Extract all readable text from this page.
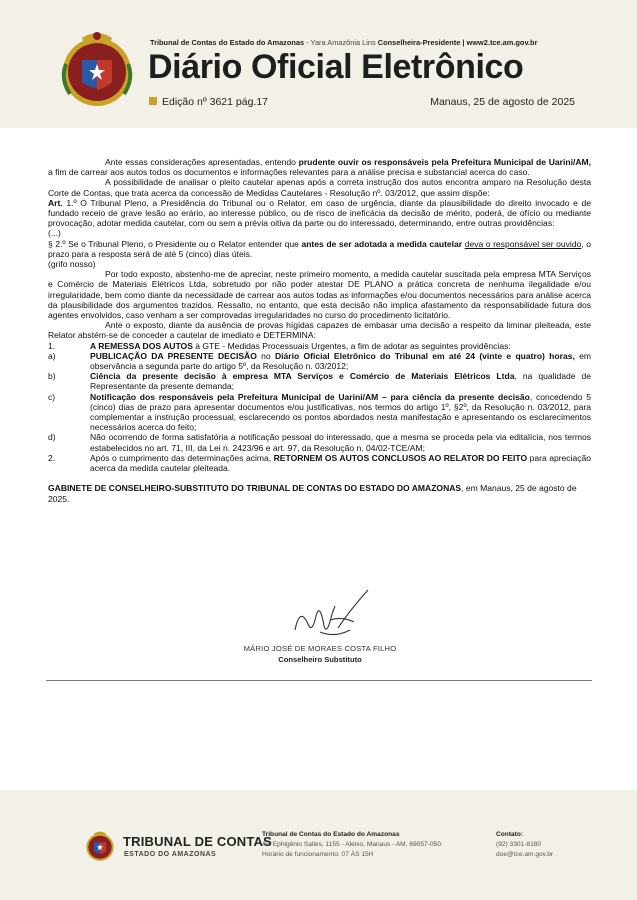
Tribunal de Contas do Estado do Amazonas - Yara Amazônia Lins Conselheira-Presidente | www2.tce.am.gov.br
Diário Oficial Eletrônico
Edição nº 3621 pág.17	Manaus, 25 de agosto de 2025

Ante essas considerações apresentadas, entendo prudente ouvir os responsáveis pela Prefeitura Municipal de Uarini/AM, a fim de carrear aos autos todos os documentos e informações relevantes para a análise precisa e substancial acerca do caso.

A possibilidade de analisar o pleito cautelar apenas após a correta instrução dos autos encontra amparo na Resolução desta Corte de Contas, que trata acerca da concessão de Medidas Cautelares - Resolução nº. 03/2012, que assim dispõe:

Art. 1.º O Tribunal Pleno, a Presidência do Tribunal ou o Relator, em caso de urgência, diante da plausibilidade do direito invocado e de fundado receio de grave lesão ao erário, ao interesse público, ou de risco de ineficácia da decisão de mérito, poderá, de ofício ou mediante provocação, adotar medida cautelar, com ou sem a prévia oitiva da parte ou do interessado, determinando, entre outras providências:

(...)

§ 2.º Se o Tribunal Pleno, o Presidente ou o Relator entender que antes de ser adotada a medida cautelar deva o responsável ser ouvido, o prazo para a resposta será de até 5 (cinco) dias úteis.

(grifo nosso)

Por todo exposto, abstenho-me de apreciar, neste primeiro momento, a medida cautelar suscitada pela empresa MTA Serviços e Comércio de Materiais Elétricos Ltda, sobretudo por não poder atestar DE PLANO a prática concreta de nenhuma ilegalidade e/ou irregularidade, bem como diante da necessidade de carrear aos autos todas as informações e/ou documentos necessários para análise acerca da plausibilidade dos argumentos trazidos. Ressalto, no entanto, que esta decisão não implica afastamento da responsabilidade futura dos agentes envolvidos, caso venham a ser comprovadas irregularidades no curso do procedimento licitatório.

Ante o exposto, diante da ausência de provas hígidas capazes de embasar uma decisão a respeito da liminar pleiteada, este Relator abstém-se de conceder a cautelar de imediato e DETERMINA:

1.	A REMESSA DOS AUTOS à GTE - Medidas Processuais Urgentes, a fim de adotar as seguintes providências:
a)	PUBLICAÇÃO DA PRESENTE DECISÃO no Diário Oficial Eletrônico do Tribunal em até 24 (vinte e quatro) horas, em observância a segunda parte do artigo 5º, da Resolução n. 03/2012;
b)	Ciência da presente decisão à empresa MTA Serviços e Comércio de Materiais Elétricos Ltda, na qualidade de Representante da presente demanda;
c)	Notificação dos responsáveis pela Prefeitura Municipal de Uarini/AM – para ciência da presente decisão, concedendo 5 (cinco) dias de prazo para apresentar documentos e/ou justificativas, nos termos do artigo 1º, §2º, da Resolução n. 03/2012, para complementar a instrução processual, esclarecendo os pontos abordados nesta manifestação e apresentando os esclarecimentos necessários acerca do feito;
d)	Não ocorrendo de forma satisfatória a notificação pessoal do interessado, que a mesma se proceda pela via editalícia, nos termos estabelecidos no art. 71, III, da Lei n. 2423/96 e art. 97, da Resolução n. 04/02-TCE/AM;
2.	Após o cumprimento das determinações acima, RETORNEM OS AUTOS CONCLUSOS AO RELATOR DO FEITO para apreciação acerca da medida cautelar pleiteada.

GABINETE DE CONSELHEIRO-SUBSTITUTO DO TRIBUNAL DE CONTAS DO ESTADO DO AMAZONAS, em Manaus, 25 de agosto de 2025.

MÁRIO JOSÉ DE MORAES COSTA FILHO
Conselheiro Substituto
TRIBUNAL DE CONTAS
ESTADO DO AMAZONAS
Tribunal de Contas do Estado do Amazonas
Av. Ephigênio Salles, 1155 - Aleixo, Manaus - AM, 69057-050.
Horário de funcionamento: 07 ÀS 15H
Contato:
(92) 3301-8180
doe@tce.am.gov.br
